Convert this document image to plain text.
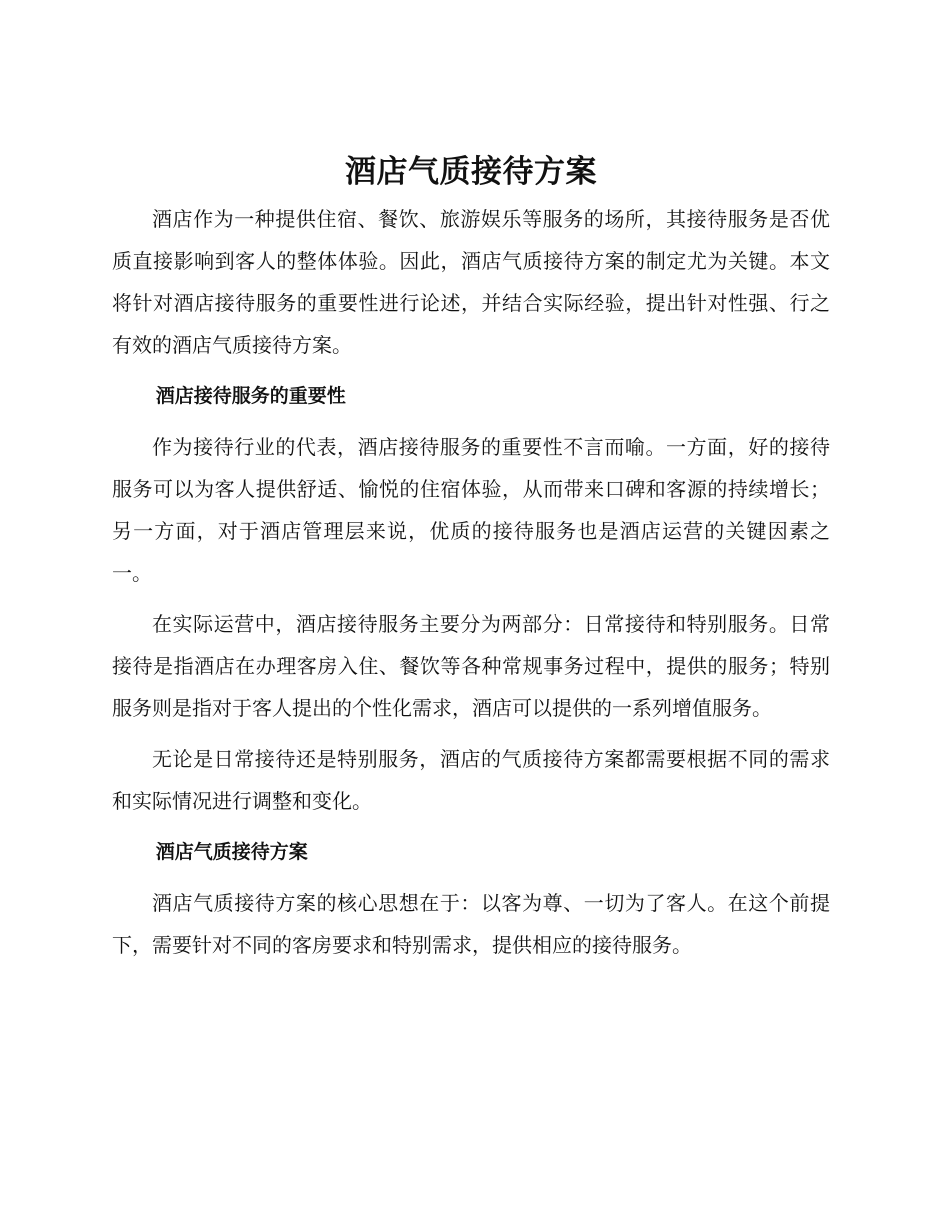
酒店气质接待方案

酒店作为一种提供住宿、餐饮、旅游娱乐等服务的场所，其接待服务是否优质直接影响到客人的整体体验。因此，酒店气质接待方案的制定尤为关键。本文将针对酒店接待服务的重要性进行论述，并结合实际经验，提出针对性强、行之有效的酒店气质接待方案。

酒店接待服务的重要性

作为接待行业的代表，酒店接待服务的重要性不言而喻。一方面，好的接待服务可以为客人提供舒适、愉悦的住宿体验，从而带来口碑和客源的持续增长；另一方面，对于酒店管理层来说，优质的接待服务也是酒店运营的关键因素之一。

在实际运营中，酒店接待服务主要分为两部分：日常接待和特别服务。日常接待是指酒店在办理客房入住、餐饮等各种常规事务过程中，提供的服务；特别服务则是指对于客人提出的个性化需求，酒店可以提供的一系列增值服务。

无论是日常接待还是特别服务，酒店的气质接待方案都需要根据不同的需求和实际情况进行调整和变化。

酒店气质接待方案

酒店气质接待方案的核心思想在于：以客为尊、一切为了客人。在这个前提下，需要针对不同的客房要求和特别需求，提供相应的接待服务。
